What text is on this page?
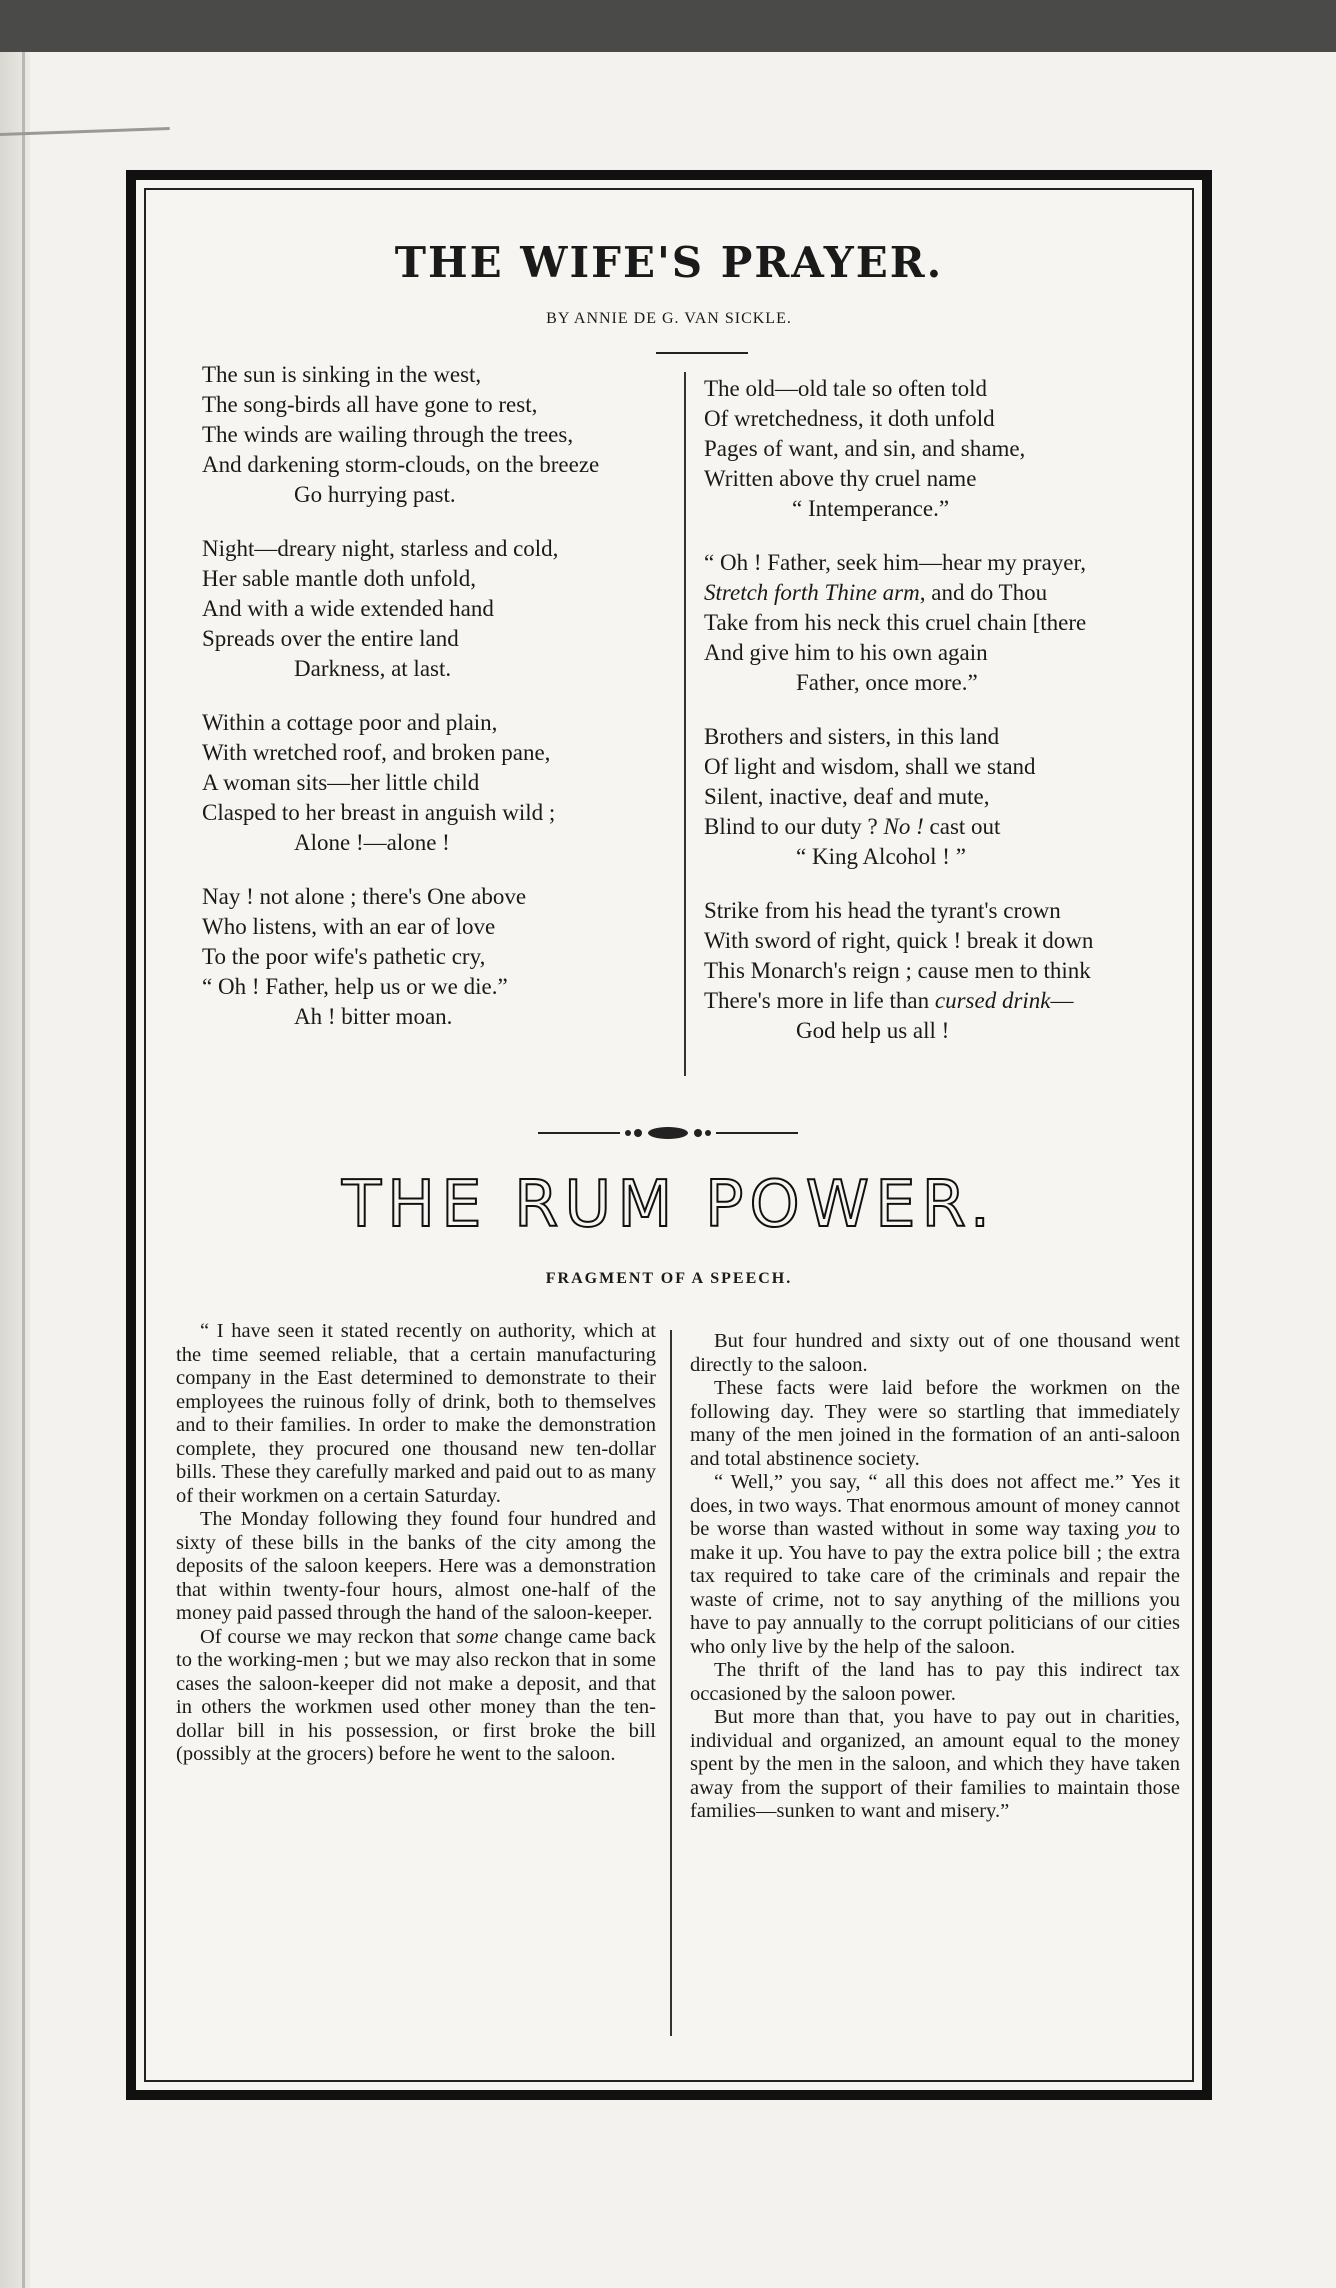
THE WIFE'S PRAYER.
BY ANNIE DE G. VAN SICKLE.
The sun is sinking in the west,
The song-birds all have gone to rest,
The winds are wailing through the trees,
And darkening storm-clouds, on the breeze
Go hurrying past.
Night—dreary night, starless and cold,
Her sable mantle doth unfold,
And with a wide extended hand
Spreads over the entire land
Darkness, at last.
Within a cottage poor and plain,
With wretched roof, and broken pane,
A woman sits—her little child
Clasped to her breast in anguish wild ;
Alone !—alone !
Nay ! not alone ; there's One above
Who listens, with an ear of love
To the poor wife's pathetic cry,
“ Oh ! Father, help us or we die.”
Ah ! bitter moan.
The old—old tale so often told
Of wretchedness, it doth unfold
Pages of want, and sin, and shame,
Written above thy cruel name
“ Intemperance.”
“ Oh ! Father, seek him—hear my prayer,
Stretch forth Thine arm, and do Thou
Take from his neck this cruel chain [there
And give him to his own again
Father, once more.”
Brothers and sisters, in this land
Of light and wisdom, shall we stand
Silent, inactive, deaf and mute,
Blind to our duty ? No ! cast out
“ King Alcohol ! ”
Strike from his head the tyrant's crown
With sword of right, quick ! break it down
This Monarch's reign ; cause men to think
There's more in life than cursed drink—
God help us all !
THE RUM POWER.
FRAGMENT OF A SPEECH.

“ I have seen it stated recently on authority, which at the time seemed reliable, that a certain manufacturing company in the East determined to demonstrate to their employees the ruinous folly of drink, both to themselves and to their families. In order to make the demonstration complete, they procured one thousand new ten-dollar bills. These they carefully marked and paid out to as many of their workmen on a certain Saturday.

The Monday following they found four hundred and sixty of these bills in the banks of the city among the deposits of the saloon keepers. Here was a demonstration that within twenty-four hours, almost one-half of the money paid passed through the hand of the saloon-keeper.

Of course we may reckon that some change came back to the working-men ; but we may also reckon that in some cases the saloon-keeper did not make a deposit, and that in others the workmen used other money than the ten-dollar bill in his possession, or first broke the bill (possibly at the grocers) before he went to the saloon.

But four hundred and sixty out of one thousand went directly to the saloon.

These facts were laid before the workmen on the following day. They were so startling that immediately many of the men joined in the formation of an anti-saloon and total abstinence society.

“ Well,” you say, “ all this does not affect me.” Yes it does, in two ways. That enormous amount of money cannot be worse than wasted without in some way taxing you to make it up. You have to pay the extra police bill ; the extra tax required to take care of the criminals and repair the waste of crime, not to say anything of the millions you have to pay annually to the corrupt politicians of our cities who only live by the help of the saloon.

The thrift of the land has to pay this indirect tax occasioned by the saloon power.

But more than that, you have to pay out in charities, individual and organized, an amount equal to the money spent by the men in the saloon, and which they have taken away from the support of their families to maintain those families—sunken to want and misery.”
